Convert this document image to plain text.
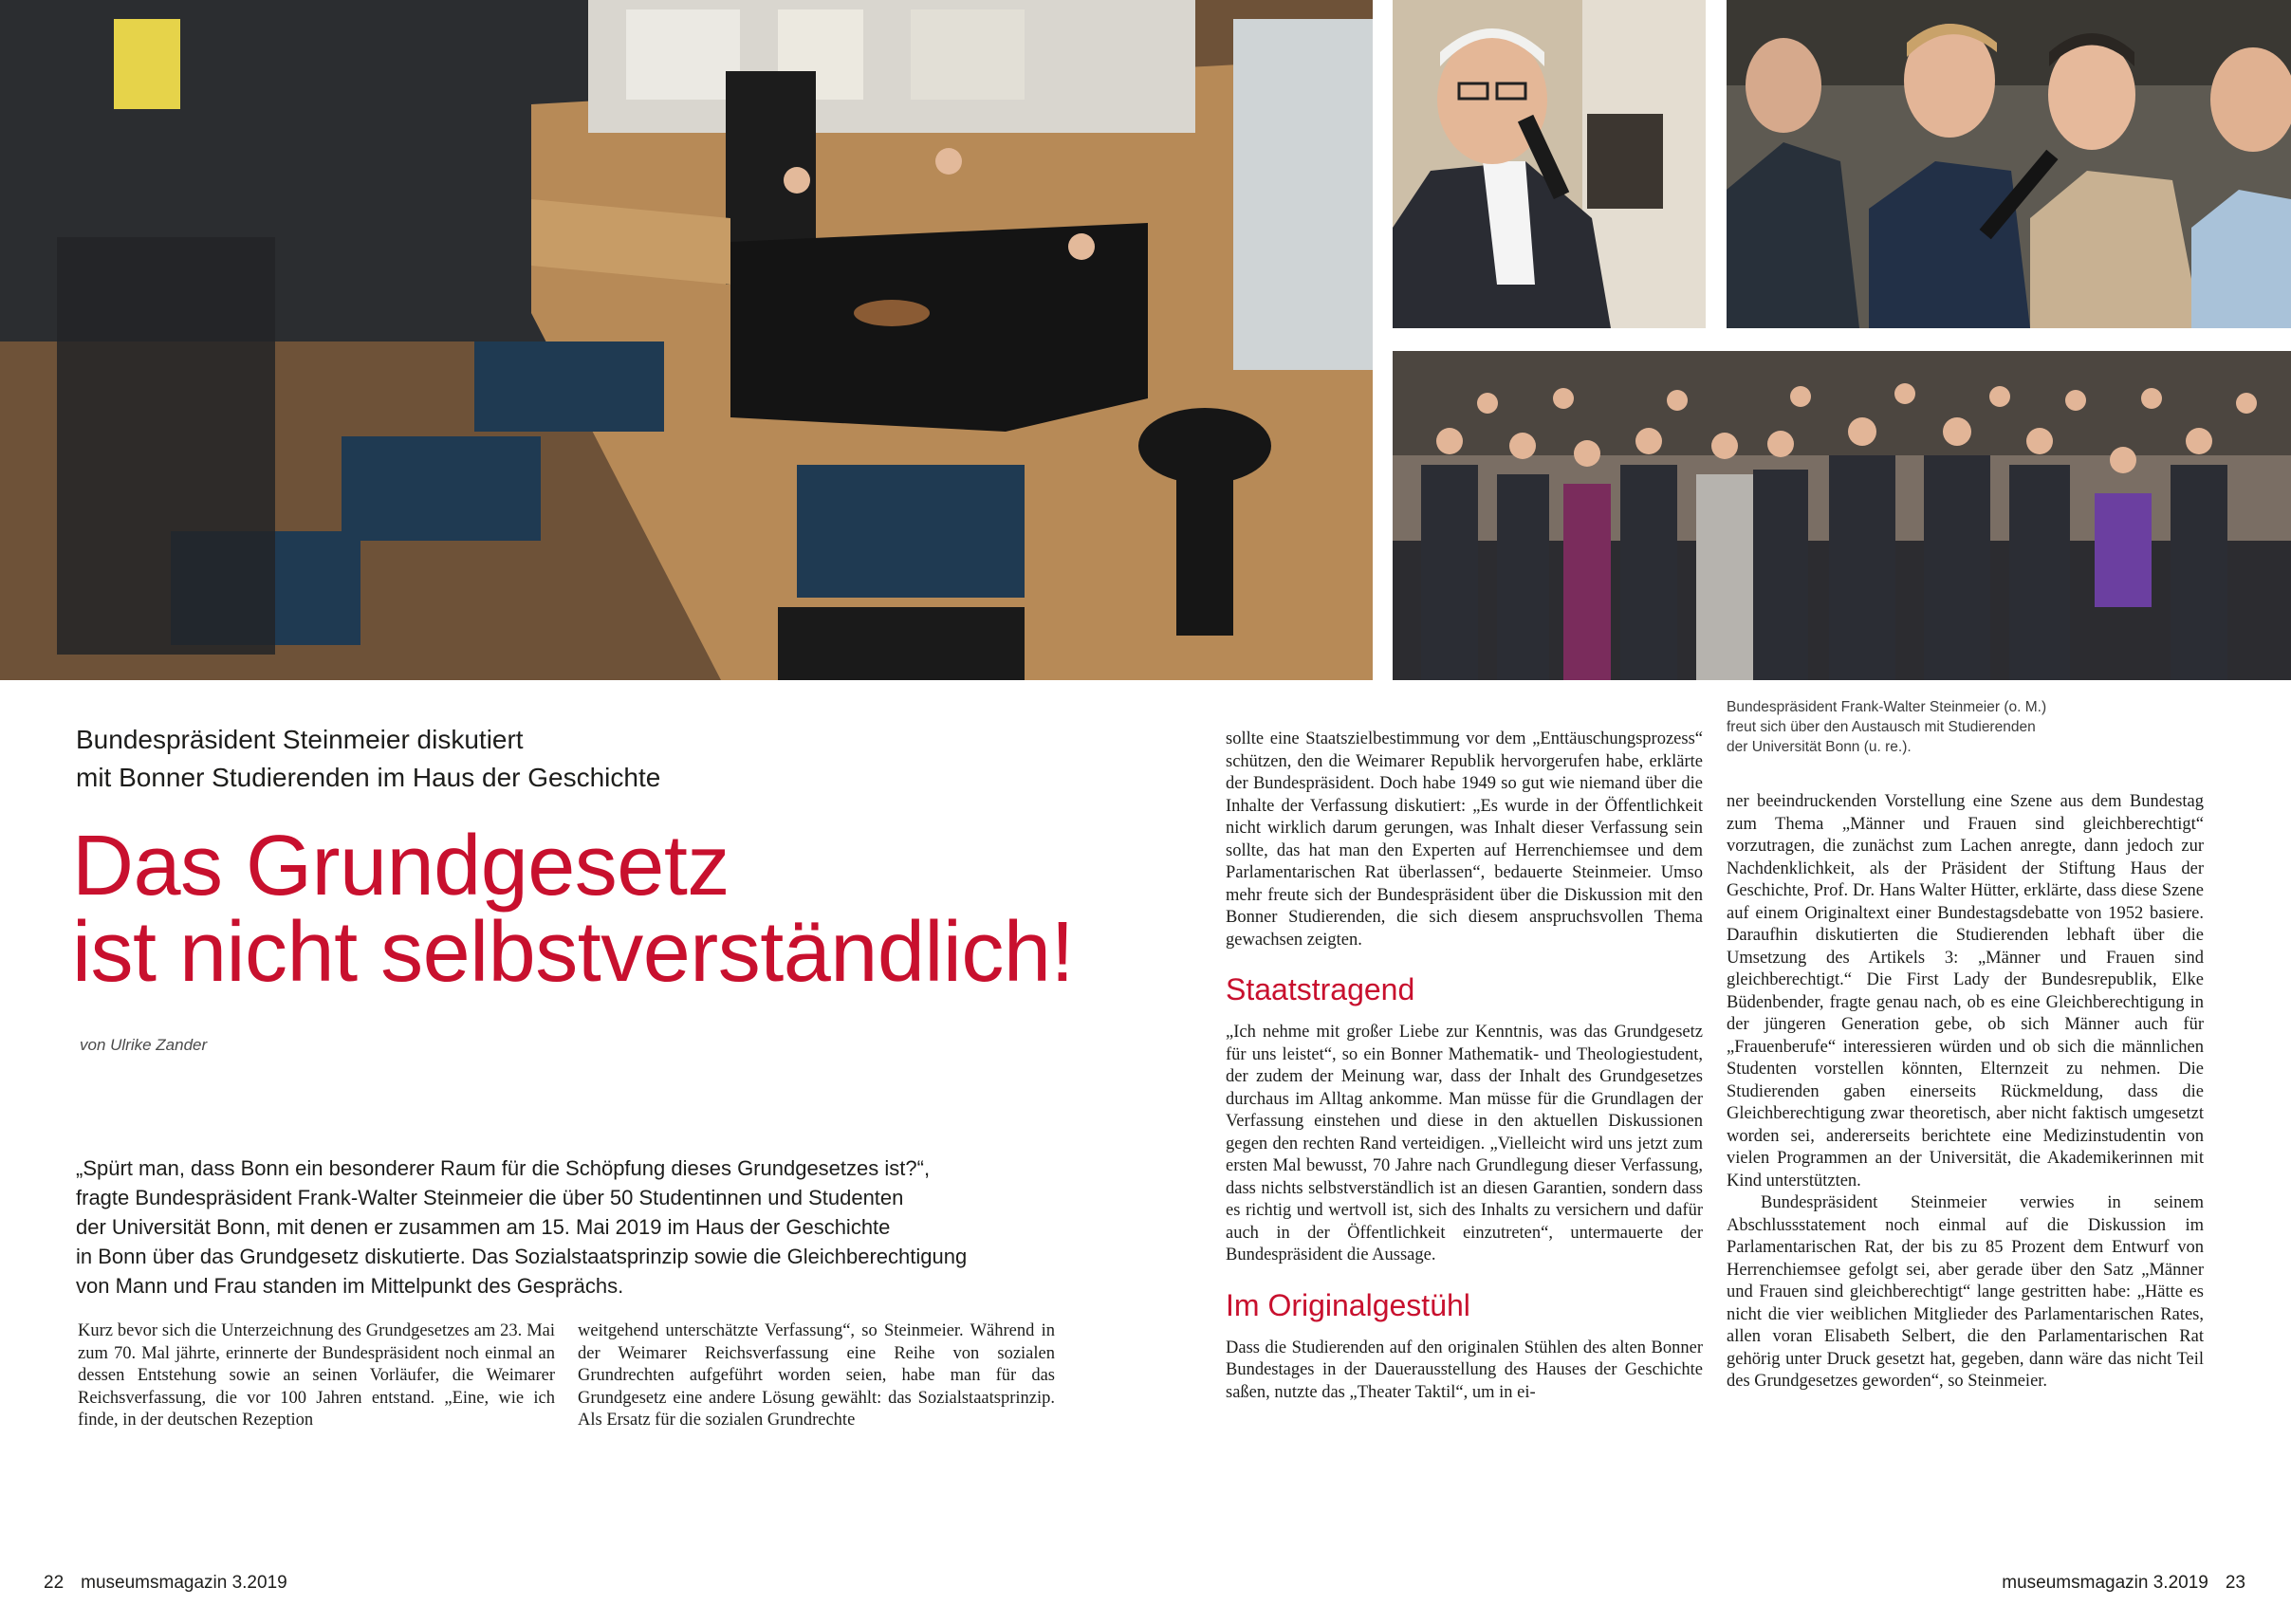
Bundespräsident Frank-Walter Steinmeier (o. M.)
freut sich über den Austausch mit Studierenden
der Universität Bonn (u. re.).
Bundespräsident Steinmeier diskutiert
mit Bonner Studierenden im Haus der Geschichte
Das Grundgesetz
ist nicht selbstverständlich!
von Ulrike Zander
„Spürt man, dass Bonn ein besonderer Raum für die Schöpfung dieses Grundgesetzes ist?“,
fragte Bundespräsident Frank-Walter Steinmeier die über 50 Studentinnen und Studenten
der Universität Bonn, mit denen er zusammen am 15. Mai 2019 im Haus der Geschichte
in Bonn über das Grundgesetz diskutierte. Das Sozialstaatsprinzip sowie die Gleichberechtigung
von Mann und Frau standen im Mittelpunkt des Gesprächs.

Kurz bevor sich die Unterzeichnung des Grundgesetzes am 23. Mai zum 70. Mal jährte, erinnerte der Bundespräsident noch einmal an dessen Entstehung sowie an seinen Vorläufer, die Weimarer Reichsverfassung, die vor 100 Jahren entstand. „Eine, wie ich finde, in der deutschen Rezeption

weitgehend unterschätzte Verfassung“, so Steinmeier. Während in der Weimarer Reichsverfassung eine Reihe von sozialen Grundrechten aufgeführt worden seien, habe man für das Grundgesetz eine andere Lösung gewählt: das Sozialstaatsprinzip. Als Ersatz für die sozialen Grundrechte

sollte eine Staatszielbestimmung vor dem „Enttäuschungsprozess“ schützen, den die Weimarer Republik hervorgerufen habe, erklärte der Bundespräsident. Doch habe 1949 so gut wie niemand über die Inhalte der Verfassung diskutiert: „Es wurde in der Öffentlichkeit nicht wirklich darum gerungen, was Inhalt dieser Verfassung sein sollte, das hat man den Experten auf Herrenchiemsee und dem Parlamentarischen Rat überlassen“, bedauerte Steinmeier. Umso mehr freute sich der Bundespräsident über die Diskussion mit den Bonner Studierenden, die sich diesem anspruchsvollen Thema gewachsen zeigten.

Staatstragend

„Ich nehme mit großer Liebe zur Kenntnis, was das Grundgesetz für uns leistet“, so ein Bonner Mathematik- und Theologiestudent, der zudem der Meinung war, dass der Inhalt des Grundgesetzes durchaus im Alltag ankomme. Man müsse für die Grundlagen der Verfassung einstehen und diese in den aktuellen Diskussionen gegen den rechten Rand verteidigen. „Vielleicht wird uns jetzt zum ersten Mal bewusst, 70 Jahre nach Grundlegung dieser Verfassung, dass nichts selbstverständlich ist an diesen Garantien, sondern dass es richtig und wertvoll ist, sich des Inhalts zu versichern und dafür auch in der Öffentlichkeit einzutreten“, untermauerte der Bundespräsident die Aussage.

Im Originalgestühl

Dass die Studierenden auf den originalen Stühlen des alten Bonner Bundestages in der Dauerausstellung des Hauses der Geschichte saßen, nutzte das „Theater Taktil“, um in ei-

ner beeindruckenden Vorstellung eine Szene aus dem Bundestag zum Thema „Männer und Frauen sind gleichberechtigt“ vorzutragen, die zunächst zum Lachen anregte, dann jedoch zur Nachdenklichkeit, als der Präsident der Stiftung Haus der Geschichte, Prof. Dr. Hans Walter Hütter, erklärte, dass diese Szene auf einem Originaltext einer Bundestagsdebatte von 1952 basiere. Daraufhin diskutierten die Studierenden lebhaft über die Umsetzung des Artikels 3: „Männer und Frauen sind gleichberechtigt.“ Die First Lady der Bundesrepublik, Elke Büdenbender, fragte genau nach, ob es eine Gleichberechtigung in der jüngeren Generation gebe, ob sich Männer auch für „Frauenberufe“ interessieren würden und ob sich die männlichen Studenten vorstellen könnten, Elternzeit zu nehmen. Die Studierenden gaben einerseits Rückmeldung, dass die Gleichberechtigung zwar theoretisch, aber nicht faktisch umgesetzt worden sei, andererseits berichtete eine Medizinstudentin von vielen Programmen an der Universität, die Akademikerinnen mit Kind unterstützten.

Bundespräsident Steinmeier verwies in seinem Abschlussstatement noch einmal auf die Diskussion im Parlamentarischen Rat, der bis zu 85 Prozent dem Entwurf von Herrenchiemsee gefolgt sei, aber gerade über den Satz „Männer und Frauen sind gleichberechtigt“ lange gestritten habe: „Hätte es nicht die vier weiblichen Mitglieder des Parlamentarischen Rates, allen voran Elisabeth Selbert, die den Parlamentarischen Rat gehörig unter Druck gesetzt hat, gegeben, dann wäre das nicht Teil des Grundgesetzes geworden“, so Steinmeier.

22 museumsmagazin 3.2019	museumsmagazin 3.2019 23
